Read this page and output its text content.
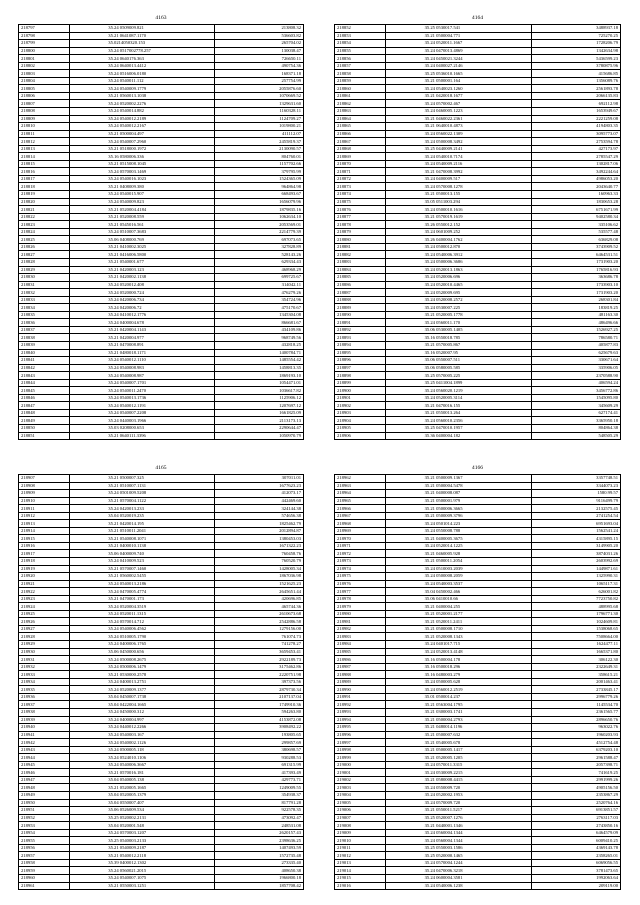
4163
218797	35.24 0509009.821	213808.32
218798	35.21 0641087.1170	536603.82
218799	35.0214050320.153	265704.02
218800	35.24 0517002778.257	130038.47
218801	35.24 0640176.363	726650.11
218802	35.24 0640013.4412	490754.36
218803	35.24 0516006.0180	168371.18
218804	35.24 0540011.112	257754.99
218805	35.24 0540009.1779	2055876.60
218806	35.21 0560013.1038	1070669.52
218807	35.24 0520002.2276	1329631.60
218808	35.24 0540014.882	1160328.11
218809	35.24 0540012.2189	1124709.27
218810	35.24 0540012.2167	1019800.21
218811	35.21 0500004.497	411112.07
218812	35.24 0540007.2960	2455819.37
218813	35.21 0518000.1972	2130090.57
218814	35.16 0580006.336	804760.01
218815	35.21 0515008.1045	1157702.66
218816	35.24 0570003.1469	379795.99
218817	35.24 0540016.1023	1524365.09
218818	35.21 0408009.380	964864.98
218819	35.24 0540015.907	668493.67
218820	35.24 0540009.823	1656079.96
218821	35.21 0520004.4184	1879835.16
218822	35.21 0520008.559	1062634.10
218823	35.21 0545016.561	2053569.01
218824	35.24 0510007.3683	2214779.39
218825	35.06 0408000.769	697073.65
218826	35.21 0410002.3025	327828.89
218827	35.21 0416006.5800	528143.26
218828	35.21 0540001.677	629334.43
218829	35.21 0420003.123	468968.29
218830	35.21 0420002.1138	699725.67
218831	35.24 0520012.408	314042.11
218832	35.24 0520000.724	476279.26
218833	35.24 0420006.734	354724.96
218834	35.24 0420006.72	475170.67
218835	35.24 0410012.1776	1345304.08
218836	35.24 0400004.678	866681.67
218837	35.21 0420004.1143	434109.86
218838	35.21 0420004.977	968749.56
218839	35.21 0470008.891	432818.25
218840	35.21 0480018.1171	1400784.71
218841	35.24 0540012.1110	1485554.42
218842	35.24 0540008.983	1458813.35
218843	35.24 0540008.987	1869193.10
218844	35.24 0540007.1701	1054471.01
218845	35.24 0540011.2470	1036617.82
218846	35.24 0540013.1736	1125906.12
218847	35.24 0540012.1191	1207697.12
218848	35.24 0540007.2208	1661825.09
218849	35.24 0440003.1966	2113173.13
218850	35.03 0208000.653	2290644.47
218851	35.21 0640111.3396	1050970.79
4164
218852	35.25 0530017.541	3488937.18
218853	35.21 0500004.771	725270.25
218854	35.24 0520011.1667	1728206.79
218855	35.24 0470013.4869	1342634.98
218856	35.24 0450021.3244	5436599.23
218857	35.24 0400027.2146	3780875.96
218858	35.25 0536010.1665	415686.85
218859	35.21 0500001.164	1356089.76
218860	35.24 0540023.1260	2561893.78
218861	35.21 0420018.1677	2066135.83
218862	35.24 0570002.467	692112.98
218863	35.24 0460005.1223	1653949.67
218864	35.21 0460022.2361	2221259.08
218865	35.21 0640010.4873	4194803.35
218866	35.24 0560022.1309	3095773.07
218867	35.24 0500008.3492	2753594.78
218868	35.25 0440009.2141	427173.97
218869	35.24 0540010.7174	2785547.29
218870	35.24 0540009.2116	1302817.06
218871	35.21 0470008.3992	3492244.64
218872	35.24 0400009.517	4986053.20
218873	35.24 0570008.1278	2043640.77
218874	35.21 0500013.155	160963.33
218875	35.05 0511003.294	1830653.28
218876	35.24 0500010.1616	6751671.99
218877	35.21 0570019.1619	9402580.34
218878	35.26 0550012.152	335106.62
218879	35.24 0601009.252	535577.48
218880	35.26 0400004.1762	636829.08
218881	35.24 0500012.870	3743909.52
218882	35.24 0540006.3912	6464531.51
218883	35.24 0500006.3686	1731903.20
218884	35.24 0520013.1863	1765816.93
218885	35.24 0520006.696	363686.78
218886	35.24 0520010.4465	1733903.10
218887	35.24 0520009.695	1731903.20
218888	35.24 0520008.2572	268301.84
218889	35.24 0530007.225	183819.25
218890	35.21 0520005.1778	481163.30
218891	35.24 0560011.170	486496.66
218892	35.06 0530005.1405	1526927.25
218893	35.16 0550018.785	786580.71
218894	35.21 0570005.867	405877.83
218895	35.16 0520007.95	625679.63
218896	35.06 0550007.511	330671.64
218897	35.06 0580005.585	335906.05
218898	35.25 0570005.225	2370588.90
218899	35.25 0411004.1899	406594.24
218900	35.24 0560020.1219	3456772.86
218901	35.24 0520005.3114	1545095.80
218902	35.21 0470016.155	345609.29
218903	35.21 0550013.264	627174.41
218904	35.24 0560010.2356	3365950.18
218905	35.25 0470010.1957	804864.38
218906	35.36 0400004.182	548505.29
4165
218907	35.21 0500007.325	307011.01
218908	35.21 0510007.1131	1677623.23
218909	35.24 0501009.5208	412073.17
218910	35.21 0570004.1122	442469.60
218911	35.24 0420013.233	324144.38
218912	35.04 0520019.235	574656.38
218913	35.21 0420014.195	1825462.79
218914	35.21 0510011.2041	2012894.87
218915	35.21 0540008.1071	1380453.03
218916	35.21 0400010.1138	1671322.23
218917	35.06 0400009.740	760458.76
218918	35.24 0410009.523	760520.79
218919	35.21 0570007.1460	1428005.34
218920	35.21 0560002.5455	1867036.98
218921	35.24 0540013.2186	1521625.23
218922	35.24 0470005.4774	2645651.44
218923	35.21 0470001.173	420696.85
218924	35.24 0520004.3519	465744.36
218925	35.24 0520011.1315	2610673.68
218926	35.24 0570014.712	2542886.58
218927	35.24 0540006.4562	1279156.00
218928	35.24 0510005.1790	761074.73
218929	35.24 0400006.1765	741278.27
218930	35.06 0450000.656	3659453.41
218931	35.24 0500008.2675	2922189.73
218932	35.24 0500006.1479	3175462.86
218933	35.21 0530000.2578	2220751.98
218934	35.24 0400013.2751	397373.56
218935	35.24 0520009.1377	2879730.34
218936	35.04 0450007.1738	2107137.04
218937	35.04 0422004.1665	1749910.36
218938	35.24 0450000.312	594263.80
218939	35.24 0400004.997	4153872.08
218940	35.24 0440012.2266	3908492.22
218941	35.24 0540003.167	193805.65
218942	35.24 0540002.1126	299857.69
218943	35.24 0500005.118	380698.57
218944	35.24 0524010.1106	930288.53
218945	35.24 0540006.3667	691315.99
218946	35.21 0570016.181	417393.49
218947	35.04 0540005.138	429773.71
218948	35.21 0520005.1665	1249009.55
218949	35.04 0520005.1379	354938.37
218950	35.04 0550007.407	817791.28
218951	35.06 0526009.534	922578.35
218952	35.25 0520002.2131	473092.47
218953	35.04 0520001.548	248531.08
218954	35.24 0570003.1207	2620157.43
218955	35.25 0540003.2133	2398636.25
218956	35.21 0540009.2187	1407493.59
218957	35.21 0540012.2118	1572735.48
218958	35.39 0400012.1302	273335.40
218959	35.24 0560021.2015	408650.38
218960	35.24 0540007.1075	1966800.18
218961	35.21 0550003.1251	1857708.42
4166
218962	35.21 0500009.1367	3357748.51
218963	35.21 0500004.5478	3344073.23
218964	35.21 0400008.087	1580.99.57
218965	35.21 0500001.979	9116499.79
218966	35.21 0500006.3665	2132575.45
218967	35.21 0500009.3796	2741254.54
218968	35.24 0501014.223	6951693.04
218969	35.24 0550008.788	1562541.24
218970	35.21 0400005.3675	4315895.15
218971	35.24 0520014.1225	3149905.20
218972	35.21 0460005.928	3874031.26
218973	35.21 0500011.2054	2603992.69
218974	35.24 0510003.2039	1449871.61
218975	35.24 0500008.2059	1325990.31
218976	35.24 0540003.3537	1065117.31
218977	35.04 0450002.466	626001.82
218978	35.06 0410010.66	7723750.82
218979	35.21 0400004.255	488995.68
218980	35.21 0520001.2177	1796771.30
218981	35.21 0520011.2411	1024609.81
218982	35.21 0500008.1710	1538068.65
218983	35.21 0520008.1343	7508664.00
218984	35.24 0401017.715	1624477.11
218985	35.24 0520013.4148	1665371.80
218986	35.16 0500004.178	306122.30
218987	35.16 0500018.296	2322649.31
218988	35.16 0480003.279	358615.21
218989	35.24 0500005.628	2001463.41
218990	35.24 0560012.2519	2733845.17
218991	35.01 0500014.237	2996779.26
218992	35.21 0563004.1795	1145534.70
218993	35.21 0300003.1741	2361565.77
218994	35.21 0500004.2793	2896650.76
218995	35.21 0480014.1196	963022.76
218996	35.21 0500007.632	1960203.93
218997	35.21 0540005.678	4512754.48
218998	35.21 0500005.1417	6379203.10
218999	35.21 0520005.1205	2961588.47
219000	35.24 0570011.3315	2057398.71
219001	35.24 0530009.2215	741619.25
219002	35.21 0580008.4415	2991999.26
219003	35.24 0550009.720	4905156.50
219004	35.24 0520002.1953	2353867.29
219005	35.24 0570009.720	2520764.16
219006	35.21 0550011.5217	6913851.57
219007	35.25 0520007.1276	2763117.03
219008	35.21 0440001.1346	2743850.16
219009	35.24 0560004.1344	6464579.09
219010	35.24 0560004.1344	6009410.25
219011	35.25 0550003.1586	4369143.78
219012	35.25 0520000.1465	2358265.01
219013	35.24 0570004.1244	6069056.55
219014	35.24 0470006.3218	3781473.65
219015	35.24 0600004.3581	1992063.64
219016	35.24 0540006.1238	209119.00
